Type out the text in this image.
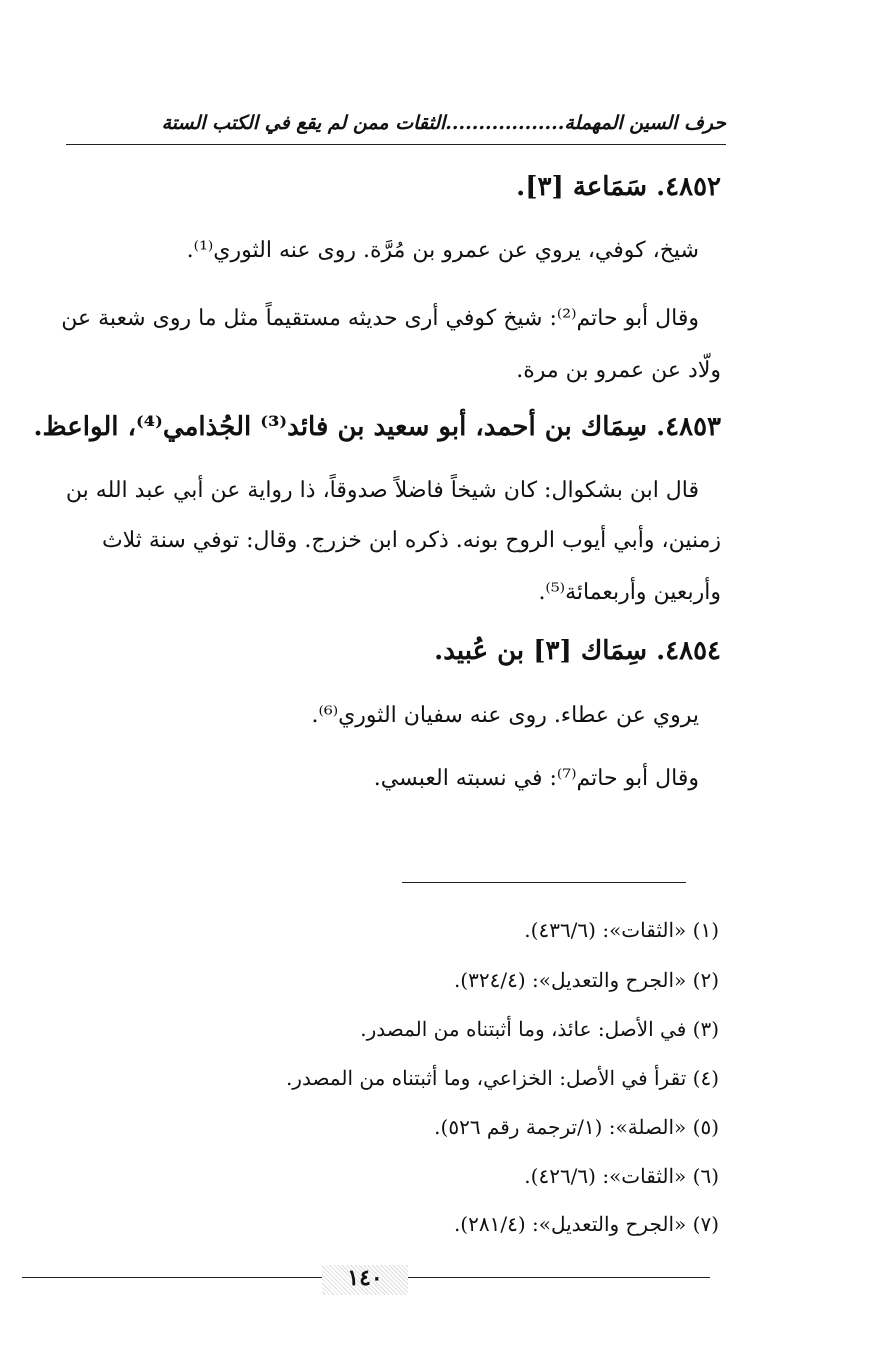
حرف السين المهملة..................الثقات ممن لم يقع في الكتب الستة
٤٨٥٢. سَمَاعة [٣].
شيخ، كوفي، يروي عن عمرو بن مُرَّة. روى عنه الثوري⁽¹⁾.
وقال أبو حاتم⁽²⁾: شيخ كوفي أرى حديثه مستقيماً مثل ما روى شعبة عن
ولّاد عن عمرو بن مرة.
٤٨٥٣. سِمَاك بن أحمد، أبو سعيد بن فائد⁽³⁾ الجُذامي⁽⁴⁾، الواعظ.
قال ابن بشكوال: كان شيخاً فاضلاً صدوقاً، ذا رواية عن أبي عبد الله بن
زمنين، وأبي أيوب الروح بونه. ذكره ابن خزرج. وقال: توفي سنة ثلاث
وأربعين وأربعمائة⁽⁵⁾.
٤٨٥٤. سِمَاك [٣] بن عُبيد.
يروي عن عطاء. روى عنه سفيان الثوري⁽⁶⁾.
وقال أبو حاتم⁽⁷⁾: في نسبته العبسي.
(١) «الثقات»: (٤٣٦/٦).
(٢) «الجرح والتعديل»: (٣٢٤/٤).
(٣) في الأصل: عائذ، وما أثبتناه من المصدر.
(٤) تقرأ في الأصل: الخزاعي، وما أثبتناه من المصدر.
(٥) «الصلة»: (١/ترجمة رقم ٥٢٦).
(٦) «الثقات»: (٤٢٦/٦).
(٧) «الجرح والتعديل»: (٢٨١/٤).
١٤٠
